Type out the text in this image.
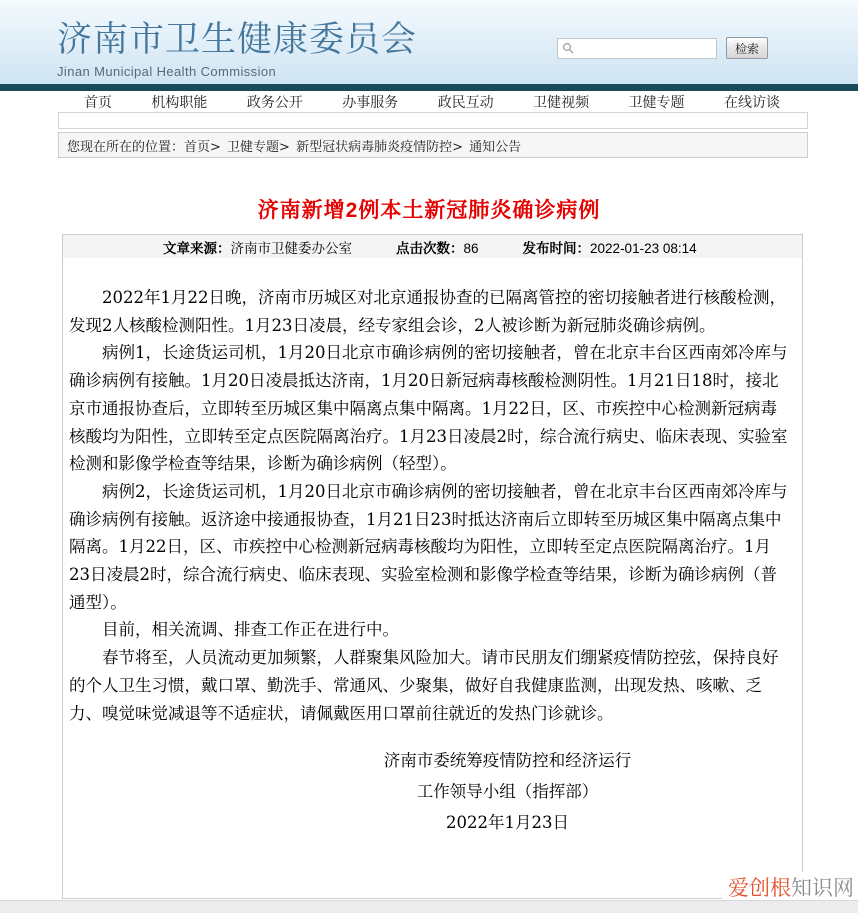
济南市卫生健康委员会
Jinan Municipal Health Commission
检索
首页	机构职能	政务公开	办事服务	政民互动	卫健视频	卫健专题	在线访谈
您现在所在的位置： 首页> 卫健专题> 新型冠状病毒肺炎疫情防控> 通知公告
济南新增2例本土新冠肺炎确诊病例
文章来源：济南市卫健委办公室	点击次数：86	发布时间：2022-01-23 08:14

2022年1月22日晚，济南市历城区对北京通报协查的已隔离管控的密切接触者进行核酸检测，发现2人核酸检测阳性。1月23日凌晨，经专家组会诊，2人被诊断为新冠肺炎确诊病例。

病例1，长途货运司机，1月20日北京市确诊病例的密切接触者，曾在北京丰台区西南郊冷库与确诊病例有接触。1月20日凌晨抵达济南，1月20日新冠病毒核酸检测阴性。1月21日18时，接北京市通报协查后，立即转至历城区集中隔离点集中隔离。1月22日，区、市疾控中心检测新冠病毒核酸均为阳性，立即转至定点医院隔离治疗。1月23日凌晨2时，综合流行病史、临床表现、实验室检测和影像学检查等结果，诊断为确诊病例（轻型）。

病例2，长途货运司机，1月20日北京市确诊病例的密切接触者，曾在北京丰台区西南郊冷库与确诊病例有接触。返济途中接通报协查，1月21日23时抵达济南后立即转至历城区集中隔离点集中隔离。1月22日，区、市疾控中心检测新冠病毒核酸均为阳性，立即转至定点医院隔离治疗。1月23日凌晨2时，综合流行病史、临床表现、实验室检测和影像学检查等结果，诊断为确诊病例（普通型）。

目前，相关流调、排查工作正在进行中。

春节将至，人员流动更加频繁，人群聚集风险加大。请市民朋友们绷紧疫情防控弦，保持良好的个人卫生习惯，戴口罩、勤洗手、常通风、少聚集，做好自我健康监测，出现发热、咳嗽、乏力、嗅觉味觉减退等不适症状，请佩戴医用口罩前往就近的发热门诊就诊。

济南市委统筹疫情防控和经济运行
工作领导小组（指挥部）
2022年1月23日
爱创根知识网
